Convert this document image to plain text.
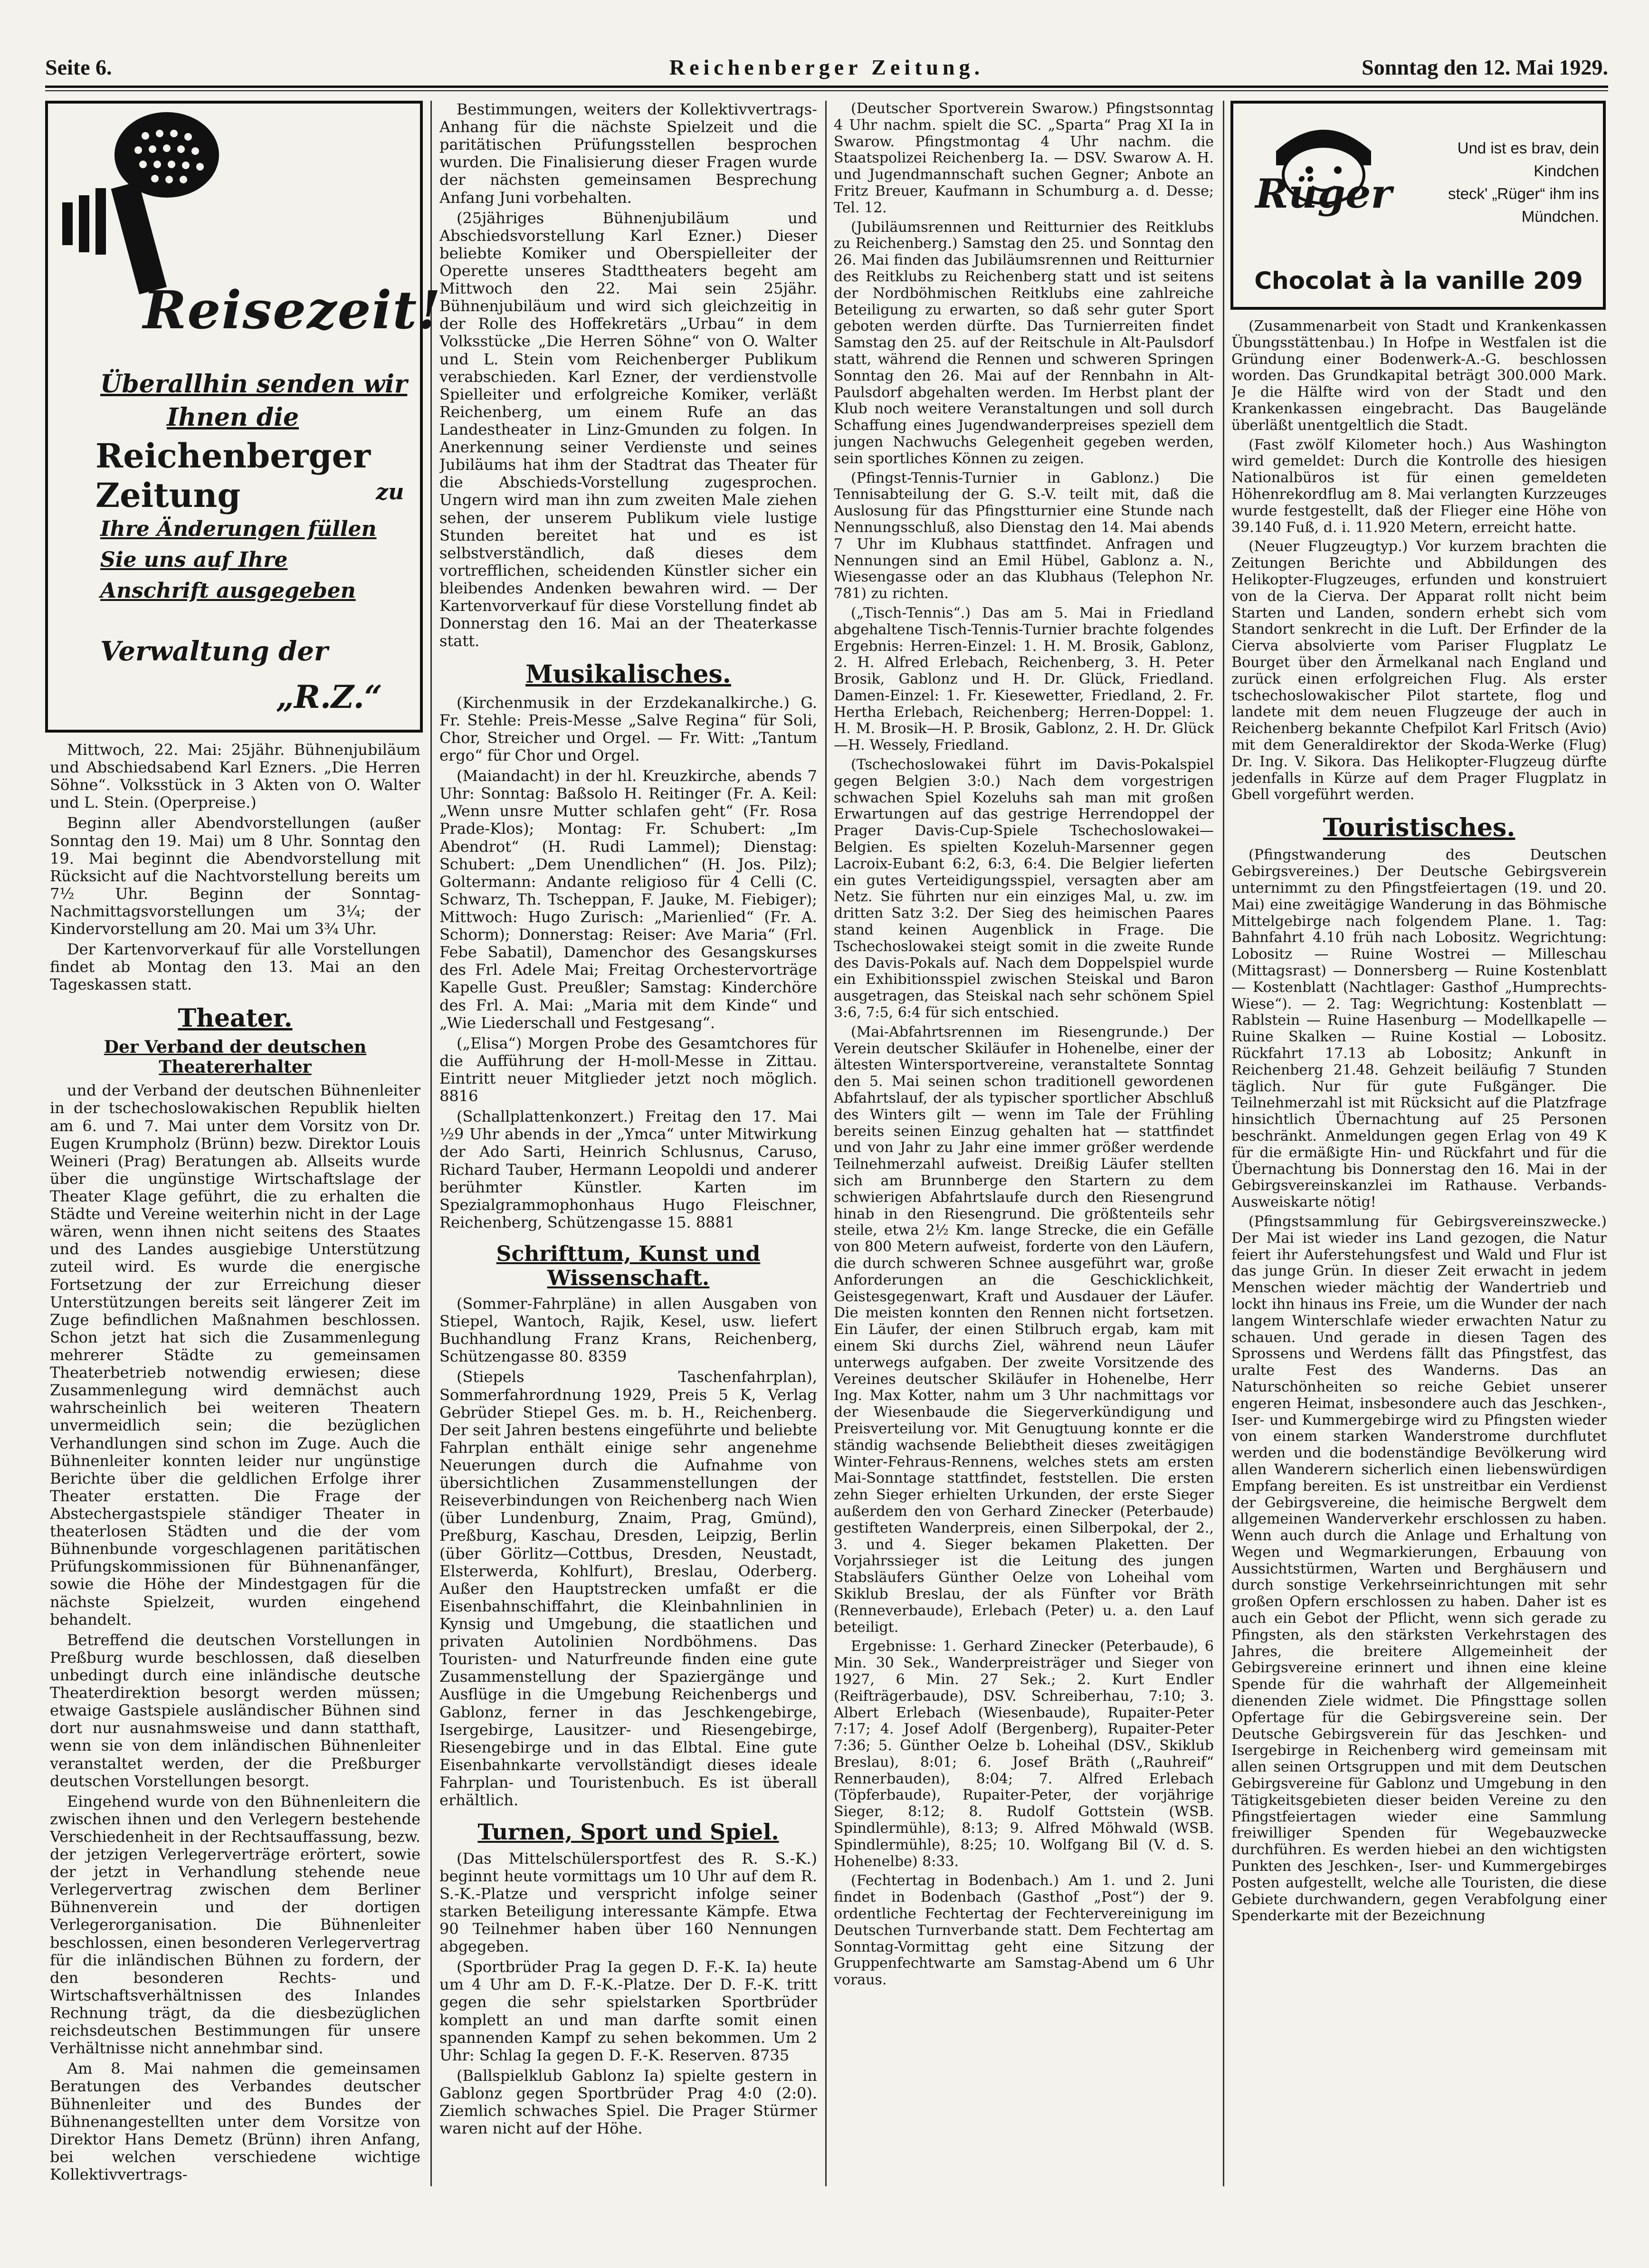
Reichenberger Zeitung.
Seite 6.	Sonntag den 12. Mai 1929.
Reisezeit!
Überallhin senden wir
Ihnen die
Reichenberger Zeitung	zu
Ihre Änderungen füllen
Sie uns auf Ihre
Anschrift ausgegeben
Verwaltung der
„R.Z.“
Rüger
Und ist es brav, dein
Kindchen
steck' „Rüger“ ihm ins
Mündchen.
Chocolat à la vanille 209

Mittwoch, 22. Mai: 25jähr. Bühnenjubiläum und Abschiedsabend Karl Ezners. „Die Herren Söhne“. Volksstück in 3 Akten von O. Walter und L. Stein. (Operpreise.)

Beginn aller Abendvorstellungen (außer Sonntag den 19. Mai) um 8 Uhr. Sonntag den 19. Mai beginnt die Abendvorstellung mit Rücksicht auf die Nachtvorstellung bereits um 7½ Uhr. Beginn der Sonntag-Nachmittagsvorstellungen um 3¼; der Kindervorstellung am 20. Mai um 3¾ Uhr.

Der Kartenvorverkauf für alle Vorstellungen findet ab Montag den 13. Mai an den Tageskassen statt.

Theater.
Der Verband der deutschen Theatererhalter

und der Verband der deutschen Bühnenleiter in der tschechoslowakischen Republik hielten am 6. und 7. Mai unter dem Vorsitz von Dr. Eugen Krumpholz (Brünn) bezw. Direktor Louis Weineri (Prag) Beratungen ab. Allseits wurde über die ungünstige Wirtschaftslage der Theater Klage geführt, die zu erhalten die Städte und Vereine weiterhin nicht in der Lage wären, wenn ihnen nicht seitens des Staates und des Landes ausgiebige Unterstützung zuteil wird. Es wurde die energische Fortsetzung der zur Erreichung dieser Unterstützungen bereits seit längerer Zeit im Zuge befindlichen Maßnahmen beschlossen. Schon jetzt hat sich die Zusammenlegung mehrerer Städte zu gemeinsamen Theaterbetrieb notwendig erwiesen; diese Zusammenlegung wird demnächst auch wahrscheinlich bei weiteren Theatern unvermeidlich sein; die bezüglichen Verhandlungen sind schon im Zuge. Auch die Bühnenleiter konnten leider nur ungünstige Berichte über die geldlichen Erfolge ihrer Theater erstatten. Die Frage der Abstechergastspiele ständiger Theater in theaterlosen Städten und die der vom Bühnenbunde vorgeschlagenen paritätischen Prüfungskommissionen für Bühnenanfänger, sowie die Höhe der Mindestgagen für die nächste Spielzeit, wurden eingehend behandelt.

Betreffend die deutschen Vorstellungen in Preßburg wurde beschlossen, daß dieselben unbedingt durch eine inländische deutsche Theaterdirektion besorgt werden müssen; etwaige Gastspiele ausländischer Bühnen sind dort nur ausnahmsweise und dann statthaft, wenn sie von dem inländischen Bühnenleiter veranstaltet werden, der die Preßburger deutschen Vorstellungen besorgt.

Eingehend wurde von den Bühnenleitern die zwischen ihnen und den Verlegern bestehende Verschiedenheit in der Rechtsauffassung, bezw. der jetzigen Verlegerverträge erörtert, sowie der jetzt in Verhandlung stehende neue Verlegervertrag zwischen dem Berliner Bühnenverein und der dortigen Verlegerorganisation. Die Bühnenleiter beschlossen, einen besonderen Verlegervertrag für die inländischen Bühnen zu fordern, der den besonderen Rechts- und Wirtschaftsverhältnissen des Inlandes Rechnung trägt, da die diesbezüglichen reichsdeutschen Bestimmungen für unsere Verhältnisse nicht annehmbar sind.

Am 8. Mai nahmen die gemeinsamen Beratungen des Verbandes deutscher Bühnenleiter und des Bundes der Bühnenangestellten unter dem Vorsitze von Direktor Hans Demetz (Brünn) ihren Anfang, bei welchen verschiedene wichtige Kollektivvertrags-

Bestimmungen, weiters der Kollektivvertrags-Anhang für die nächste Spielzeit und die paritätischen Prüfungsstellen besprochen wurden. Die Finalisierung dieser Fragen wurde der nächsten gemeinsamen Besprechung Anfang Juni vorbehalten.

(25jähriges Bühnenjubiläum und Abschiedsvorstellung Karl Ezner.) Dieser beliebte Komiker und Oberspielleiter der Operette unseres Stadttheaters begeht am Mittwoch den 22. Mai sein 25jähr. Bühnenjubiläum und wird sich gleichzeitig in der Rolle des Hoffekretärs „Urbau“ in dem Volksstücke „Die Herren Söhne“ von O. Walter und L. Stein vom Reichenberger Publikum verabschieden. Karl Ezner, der verdienstvolle Spielleiter und erfolgreiche Komiker, verläßt Reichenberg, um einem Rufe an das Landestheater in Linz-Gmunden zu folgen. In Anerkennung seiner Verdienste und seines Jubiläums hat ihm der Stadtrat das Theater für die Abschieds-Vorstellung zugesprochen. Ungern wird man ihn zum zweiten Male ziehen sehen, der unserem Publikum viele lustige Stunden bereitet hat und es ist selbstverständlich, daß dieses dem vortrefflichen, scheidenden Künstler sicher ein bleibendes Andenken bewahren wird. — Der Kartenvorverkauf für diese Vorstellung findet ab Donnerstag den 16. Mai an der Theaterkasse statt.

Musikalisches.

(Kirchenmusik in der Erzdekanalkirche.) G. Fr. Stehle: Preis-Messe „Salve Regina“ für Soli, Chor, Streicher und Orgel. — Fr. Witt: „Tantum ergo“ für Chor und Orgel.

(Maiandacht) in der hl. Kreuzkirche, abends 7 Uhr: Sonntag: Baßsolo H. Reitinger (Fr. A. Keil: „Wenn unsre Mutter schlafen geht“ (Fr. Rosa Prade-Klos); Montag: Fr. Schubert: „Im Abendrot“ (H. Rudi Lammel); Dienstag: Schubert: „Dem Unendlichen“ (H. Jos. Pilz); Goltermann: Andante religioso für 4 Celli (C. Schwarz, Th. Tscheppan, F. Jauke, M. Fiebiger); Mittwoch: Hugo Zurisch: „Marienlied“ (Fr. A. Schorm); Donnerstag: Reiser: Ave Maria“ (Frl. Febe Sabatil), Damenchor des Gesangskurses des Frl. Adele Mai; Freitag Orchestervorträge Kapelle Gust. Preußler; Samstag: Kinderchöre des Frl. A. Mai: „Maria mit dem Kinde“ und „Wie Liederschall und Festgesang“.

(„Elisa“) Morgen Probe des Gesamtchores für die Aufführung der H-moll-Messe in Zittau. Eintritt neuer Mitglieder jetzt noch möglich. 8816

(Schallplattenkonzert.) Freitag den 17. Mai ½9 Uhr abends in der „Ymca“ unter Mitwirkung der Ado Sarti, Heinrich Schlusnus, Caruso, Richard Tauber, Hermann Leopoldi und anderer berühmter Künstler. Karten im Spezialgrammophonhaus Hugo Fleischner, Reichenberg, Schützengasse 15. 8881

Schrifttum, Kunst und Wissenschaft.

(Sommer-Fahrpläne) in allen Ausgaben von Stiepel, Wantoch, Rajik, Kesel, usw. liefert Buchhandlung Franz Krans, Reichenberg, Schützengasse 80. 8359

(Stiepels Taschenfahrplan), Sommerfahrordnung 1929, Preis 5 K, Verlag Gebrüder Stiepel Ges. m. b. H., Reichenberg. Der seit Jahren bestens eingeführte und beliebte Fahrplan enthält einige sehr angenehme Neuerungen durch die Aufnahme von übersichtlichen Zusammenstellungen der Reiseverbindungen von Reichenberg nach Wien (über Lundenburg, Znaim, Prag, Gmünd), Preßburg, Kaschau, Dresden, Leipzig, Berlin (über Görlitz—Cottbus, Dresden, Neustadt, Elsterwerda, Kohlfurt), Breslau, Oderberg. Außer den Hauptstrecken umfaßt er die Eisenbahnschiffahrt, die Kleinbahnlinien in Kynsig und Umgebung, die staatlichen und privaten Autolinien Nordböhmens. Das Touristen- und Naturfreunde finden eine gute Zusammenstellung der Spaziergänge und Ausflüge in die Umgebung Reichenbergs und Gablonz, ferner in das Jeschkengebirge, Isergebirge, Lausitzer- und Riesengebirge, Riesengebirge und in das Elbtal. Eine gute Eisenbahnkarte vervollständigt dieses ideale Fahrplan- und Touristenbuch. Es ist überall erhältlich.

Turnen, Sport und Spiel.

(Das Mittelschülersportfest des R. S.-K.) beginnt heute vormittags um 10 Uhr auf dem R. S.-K.-Platze und verspricht infolge seiner starken Beteiligung interessante Kämpfe. Etwa 90 Teilnehmer haben über 160 Nennungen abgegeben.

(Sportbrüder Prag Ia gegen D. F.-K. Ia) heute um 4 Uhr am D. F.-K.-Platze. Der D. F.-K. tritt gegen die sehr spielstarken Sportbrüder komplett an und man darfte somit einen spannenden Kampf zu sehen bekommen. Um 2 Uhr: Schlag Ia gegen D. F.-K. Reserven. 8735

(Ballspielklub Gablonz Ia) spielte gestern in Gablonz gegen Sportbrüder Prag 4:0 (2:0). Ziemlich schwaches Spiel. Die Prager Stürmer waren nicht auf der Höhe.

(Deutscher Sportverein Swarow.) Pfingstsonntag 4 Uhr nachm. spielt die SC. „Sparta“ Prag XI Ia in Swarow. Pfingstmontag 4 Uhr nachm. die Staatspolizei Reichenberg Ia. — DSV. Swarow A. H. und Jugendmannschaft suchen Gegner; Anbote an Fritz Breuer, Kaufmann in Schumburg a. d. Desse; Tel. 12.

(Jubiläumsrennen und Reitturnier des Reitklubs zu Reichenberg.) Samstag den 25. und Sonntag den 26. Mai finden das Jubiläumsrennen und Reitturnier des Reitklubs zu Reichenberg statt und ist seitens der Nordböhmischen Reitklubs eine zahlreiche Beteiligung zu erwarten, so daß sehr guter Sport geboten werden dürfte. Das Turnierreiten findet Samstag den 25. auf der Reitschule in Alt-Paulsdorf statt, während die Rennen und schweren Springen Sonntag den 26. Mai auf der Rennbahn in Alt-Paulsdorf abgehalten werden. Im Herbst plant der Klub noch weitere Veranstaltungen und soll durch Schaffung eines Jugendwanderpreises speziell dem jungen Nachwuchs Gelegenheit gegeben werden, sein sportliches Können zu zeigen.

(Pfingst-Tennis-Turnier in Gablonz.) Die Tennisabteilung der G. S.-V. teilt mit, daß die Auslosung für das Pfingstturnier eine Stunde nach Nennungsschluß, also Dienstag den 14. Mai abends 7 Uhr im Klubhaus stattfindet. Anfragen und Nennungen sind an Emil Hübel, Gablonz a. N., Wiesengasse oder an das Klubhaus (Telephon Nr. 781) zu richten.

(„Tisch-Tennis“.) Das am 5. Mai in Friedland abgehaltene Tisch-Tennis-Turnier brachte folgendes Ergebnis: Herren-Einzel: 1. H. M. Brosik, Gablonz, 2. H. Alfred Erlebach, Reichenberg, 3. H. Peter Brosik, Gablonz und H. Dr. Glück, Friedland. Damen-Einzel: 1. Fr. Kiesewetter, Friedland, 2. Fr. Hertha Erlebach, Reichenberg; Herren-Doppel: 1. H. M. Brosik—H. P. Brosik, Gablonz, 2. H. Dr. Glück—H. Wessely, Friedland.

(Tschechoslowakei führt im Davis-Pokalspiel gegen Belgien 3:0.) Nach dem vorgestrigen schwachen Spiel Kozeluhs sah man mit großen Erwartungen auf das gestrige Herrendoppel der Prager Davis-Cup-Spiele Tschechoslowakei—Belgien. Es spielten Kozeluh-Marsenner gegen Lacroix-Eubant 6:2, 6:3, 6:4. Die Belgier lieferten ein gutes Verteidigungsspiel, versagten aber am Netz. Sie führten nur ein einziges Mal, u. zw. im dritten Satz 3:2. Der Sieg des heimischen Paares stand keinen Augenblick in Frage. Die Tschechoslowakei steigt somit in die zweite Runde des Davis-Pokals auf. Nach dem Doppelspiel wurde ein Exhibitionsspiel zwischen Steiskal und Baron ausgetragen, das Steiskal nach sehr schönem Spiel 3:6, 7:5, 6:4 für sich entschied.

(Mai-Abfahrtsrennen im Riesengrunde.) Der Verein deutscher Skiläufer in Hohenelbe, einer der ältesten Wintersportvereine, veranstaltete Sonntag den 5. Mai seinen schon traditionell gewordenen Abfahrtslauf, der als typischer sportlicher Abschluß des Winters gilt — wenn im Tale der Frühling bereits seinen Einzug gehalten hat — stattfindet und von Jahr zu Jahr eine immer größer werdende Teilnehmerzahl aufweist. Dreißig Läufer stellten sich am Brunnberge den Startern zu dem schwierigen Abfahrtslaufe durch den Riesengrund hinab in den Riesengrund. Die größtenteils sehr steile, etwa 2½ Km. lange Strecke, die ein Gefälle von 800 Metern aufweist, forderte von den Läufern, die durch schweren Schnee ausgeführt war, große Anforderungen an die Geschicklichkeit, Geistesgegenwart, Kraft und Ausdauer der Läufer. Die meisten konnten den Rennen nicht fortsetzen. Ein Läufer, der einen Stilbruch ergab, kam mit einem Ski durchs Ziel, während neun Läufer unterwegs aufgaben. Der zweite Vorsitzende des Vereines deutscher Skiläufer in Hohenelbe, Herr Ing. Max Kotter, nahm um 3 Uhr nachmittags vor der Wiesenbaude die Siegerverkündigung und Preisverteilung vor. Mit Genugtuung konnte er die ständig wachsende Beliebtheit dieses zweitägigen Winter-Fehraus-Rennens, welches stets am ersten Mai-Sonntage stattfindet, feststellen. Die ersten zehn Sieger erhielten Urkunden, der erste Sieger außerdem den von Gerhard Zinecker (Peterbaude) gestifteten Wanderpreis, einen Silberpokal, der 2., 3. und 4. Sieger bekamen Plaketten. Der Vorjahrssieger ist die Leitung des jungen Stabsläufers Günther Oelze von Loheihal vom Skiklub Breslau, der als Fünfter vor Bräth (Renneverbaude), Erlebach (Peter) u. a. den Lauf beteiligt.

Ergebnisse: 1. Gerhard Zinecker (Peterbaude), 6 Min. 30 Sek., Wanderpreisträger und Sieger von 1927, 6 Min. 27 Sek.; 2. Kurt Endler (Reifträgerbaude), DSV. Schreiberhau, 7:10; 3. Albert Erlebach (Wiesenbaude), Rupaiter-Peter 7:17; 4. Josef Adolf (Bergenberg), Rupaiter-Peter 7:36; 5. Günther Oelze b. Loheihal (DSV., Skiklub Breslau), 8:01; 6. Josef Bräth („Rauhreif“ Rennerbauden), 8:04; 7. Alfred Erlebach (Töpferbaude), Rupaiter-Peter, der vorjährige Sieger, 8:12; 8. Rudolf Gottstein (WSB. Spindlermühle), 8:13; 9. Alfred Möhwald (WSB. Spindlermühle), 8:25; 10. Wolfgang Bil (V. d. S. Hohenelbe) 8:33.

(Fechtertag in Bodenbach.) Am 1. und 2. Juni findet in Bodenbach (Gasthof „Post“) der 9. ordentliche Fechtertag der Fechtervereinigung im Deutschen Turnverbande statt. Dem Fechtertag am Sonntag-Vormittag geht eine Sitzung der Gruppenfechtwarte am Samstag-Abend um 6 Uhr voraus.

(Zusammenarbeit von Stadt und Krankenkassen Übungsstättenbau.) In Hofpe in Westfalen ist die Gründung einer Bodenwerk-A.-G. beschlossen worden. Das Grundkapital beträgt 300.000 Mark. Je die Hälfte wird von der Stadt und den Krankenkassen eingebracht. Das Baugelände überläßt unentgeltlich die Stadt.

(Fast zwölf Kilometer hoch.) Aus Washington wird gemeldet: Durch die Kontrolle des hiesigen Nationalbüros ist für einen gemeldeten Höhenrekordflug am 8. Mai verlangten Kurzzeuges wurde festgestellt, daß der Flieger eine Höhe von 39.140 Fuß, d. i. 11.920 Metern, erreicht hatte.

(Neuer Flugzeugtyp.) Vor kurzem brachten die Zeitungen Berichte und Abbildungen des Helikopter-Flugzeuges, erfunden und konstruiert von de la Cierva. Der Apparat rollt nicht beim Starten und Landen, sondern erhebt sich vom Standort senkrecht in die Luft. Der Erfinder de la Cierva absolvierte vom Pariser Flugplatz Le Bourget über den Ärmelkanal nach England und zurück einen erfolgreichen Flug. Als erster tschechoslowakischer Pilot startete, flog und landete mit dem neuen Flugzeuge der auch in Reichenberg bekannte Chefpilot Karl Fritsch (Avio) mit dem Generaldirektor der Skoda-Werke (Flug) Dr. Ing. V. Sikora. Das Helikopter-Flugzeug dürfte jedenfalls in Kürze auf dem Prager Flugplatz in Gbell vorgeführt werden.

Touristisches.

(Pfingstwanderung des Deutschen Gebirgsvereines.) Der Deutsche Gebirgsverein unternimmt zu den Pfingstfeiertagen (19. und 20. Mai) eine zweitägige Wanderung in das Böhmische Mittelgebirge nach folgendem Plane. 1. Tag: Bahnfahrt 4.10 früh nach Lobositz. Wegrichtung: Lobositz — Ruine Wostrei — Milleschau (Mittagsrast) — Donnersberg — Ruine Kostenblatt — Kostenblatt (Nachtlager: Gasthof „Humprechts-Wiese“). — 2. Tag: Wegrichtung: Kostenblatt — Rablstein — Ruine Hasenburg — Modellkapelle — Ruine Skalken — Ruine Kostial — Lobositz. Rückfahrt 17.13 ab Lobositz; Ankunft in Reichenberg 21.48. Gehzeit beiläufig 7 Stunden täglich. Nur für gute Fußgänger. Die Teilnehmerzahl ist mit Rücksicht auf die Platzfrage hinsichtlich Übernachtung auf 25 Personen beschränkt. Anmeldungen gegen Erlag von 49 K für die ermäßigte Hin- und Rückfahrt und für die Übernachtung bis Donnerstag den 16. Mai in der Gebirgsvereinskanzlei im Rathause. Verbands-Ausweiskarte nötig!

(Pfingstsammlung für Gebirgsvereinszwecke.) Der Mai ist wieder ins Land gezogen, die Natur feiert ihr Auferstehungsfest und Wald und Flur ist das junge Grün. In dieser Zeit erwacht in jedem Menschen wieder mächtig der Wandertrieb und lockt ihn hinaus ins Freie, um die Wunder der nach langem Winterschlafe wieder erwachten Natur zu schauen. Und gerade in diesen Tagen des Sprossens und Werdens fällt das Pfingstfest, das uralte Fest des Wanderns. Das an Naturschönheiten so reiche Gebiet unserer engeren Heimat, insbesondere auch das Jeschken-, Iser- und Kummergebirge wird zu Pfingsten wieder von einem starken Wanderstrome durchflutet werden und die bodenständige Bevölkerung wird allen Wanderern sicherlich einen liebenswürdigen Empfang bereiten. Es ist unstreitbar ein Verdienst der Gebirgsvereine, die heimische Bergwelt dem allgemeinen Wanderverkehr erschlossen zu haben. Wenn auch durch die Anlage und Erhaltung von Wegen und Wegmarkierungen, Erbauung von Aussichtstürmen, Warten und Berghäusern und durch sonstige Verkehrseinrichtungen mit sehr großen Opfern erschlossen zu haben. Daher ist es auch ein Gebot der Pflicht, wenn sich gerade zu Pfingsten, als den stärksten Verkehrstagen des Jahres, die breitere Allgemeinheit der Gebirgsvereine erinnert und ihnen eine kleine Spende für die wahrhaft der Allgemeinheit dienenden Ziele widmet. Die Pfingsttage sollen Opfertage für die Gebirgsvereine sein. Der Deutsche Gebirgsverein für das Jeschken- und Isergebirge in Reichenberg wird gemeinsam mit allen seinen Ortsgruppen und mit dem Deutschen Gebirgsvereine für Gablonz und Umgebung in den Tätigkeitsgebieten dieser beiden Vereine zu den Pfingstfeiertagen wieder eine Sammlung freiwilliger Spenden für Wegebauzwecke durchführen. Es werden hiebei an den wichtigsten Punkten des Jeschken-, Iser- und Kummergebirges Posten aufgestellt, welche alle Touristen, die diese Gebiete durchwandern, gegen Verabfolgung einer Spenderkarte mit der Bezeichnung
